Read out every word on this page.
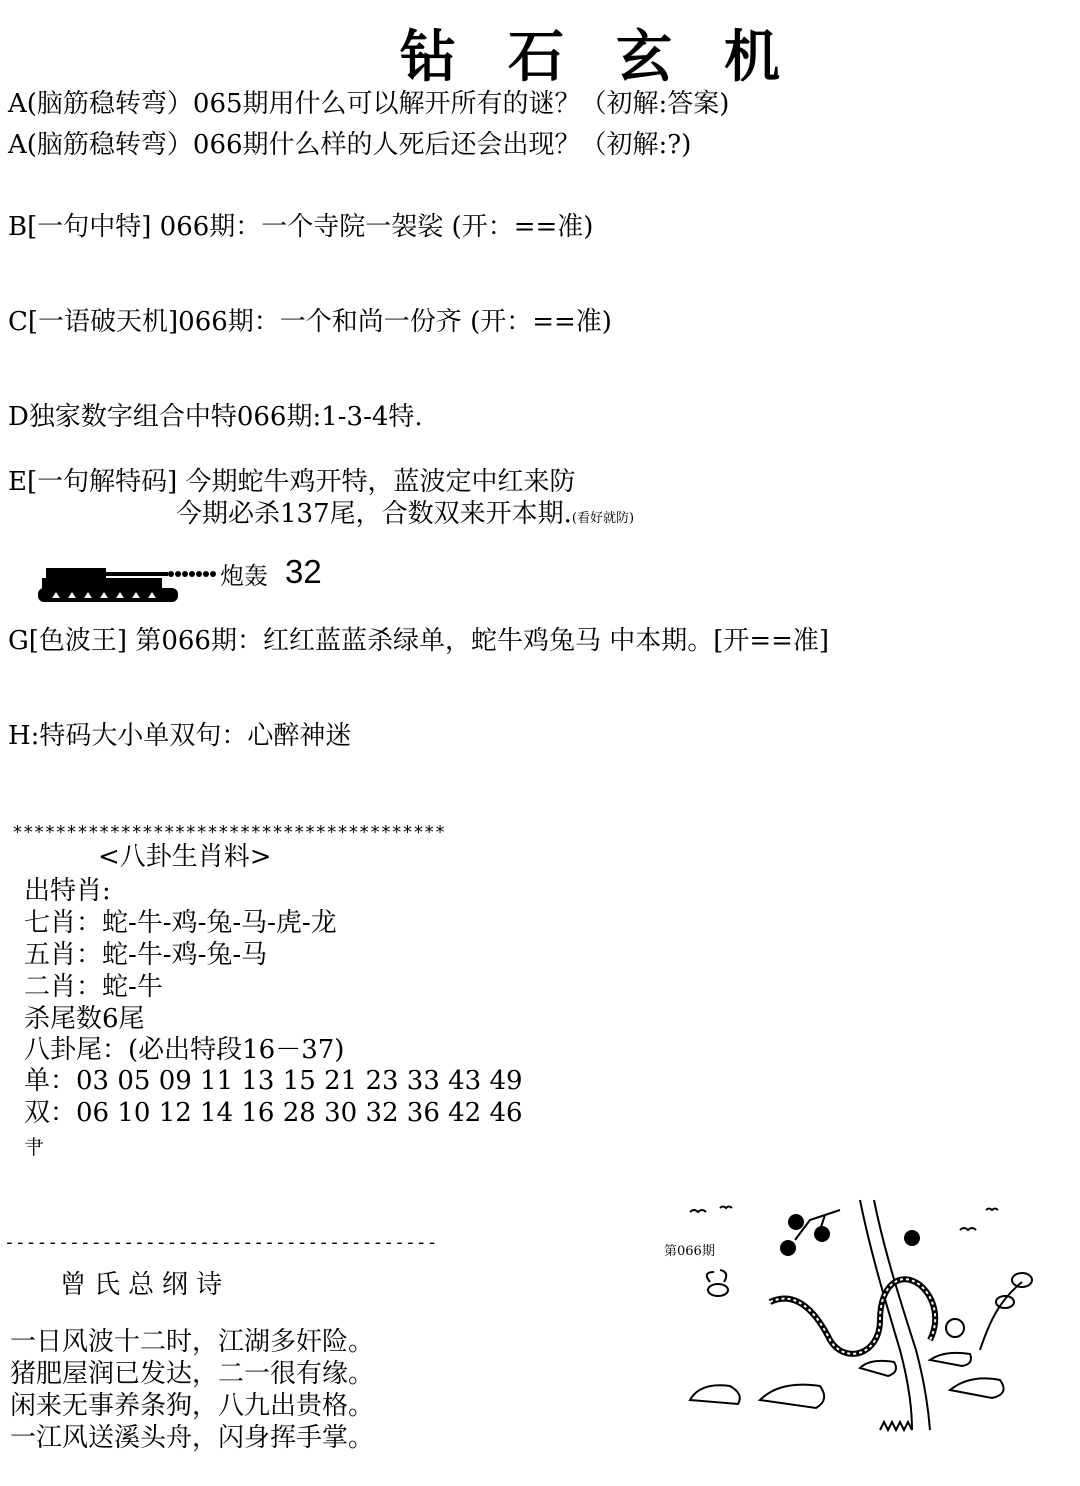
钻石玄机
A(脑筋稳转弯）065期用什么可以解开所有的谜？（初解:答案)
A(脑筋稳转弯）066期什么样的人死后还会出现？（初解:?)
B[一句中特] 066期：一个寺院一袈裟 (开：==准)
C[一语破天机]066期：一个和尚一份齐 (开：==准)
D独家数字组合中特066期:1-3-4特.
E[一句解特码] 今期蛇牛鸡开特，蓝波定中红来防
今期必杀137尾，合数双来开本期.(看好就防)
炮轰 32
G[色波王] 第066期：红红蓝蓝杀绿单，蛇牛鸡兔马 中本期。[开==准]
H:特码大小单双句：心醉神迷
****************************************
<八卦生肖料>
出特肖:
七肖：蛇-牛-鸡-兔-马-虎-龙
五肖：蛇-牛-鸡-兔-马
二肖：蛇-牛
杀尾数6尾
八卦尾：(必出特段16－37)
单：03 05 09 11 13 15 21 23 33 43 49
双：06 10 12 14 16 28 30 32 36 42 46
肀
----------------------------------------
曾氏总纲诗
一日风波十二时，江湖多奸险。
猪肥屋润已发达，二一很有缘。
闲来无事养条狗，八九出贵格。
一江风送溪头舟，闪身挥手掌。
第066期
